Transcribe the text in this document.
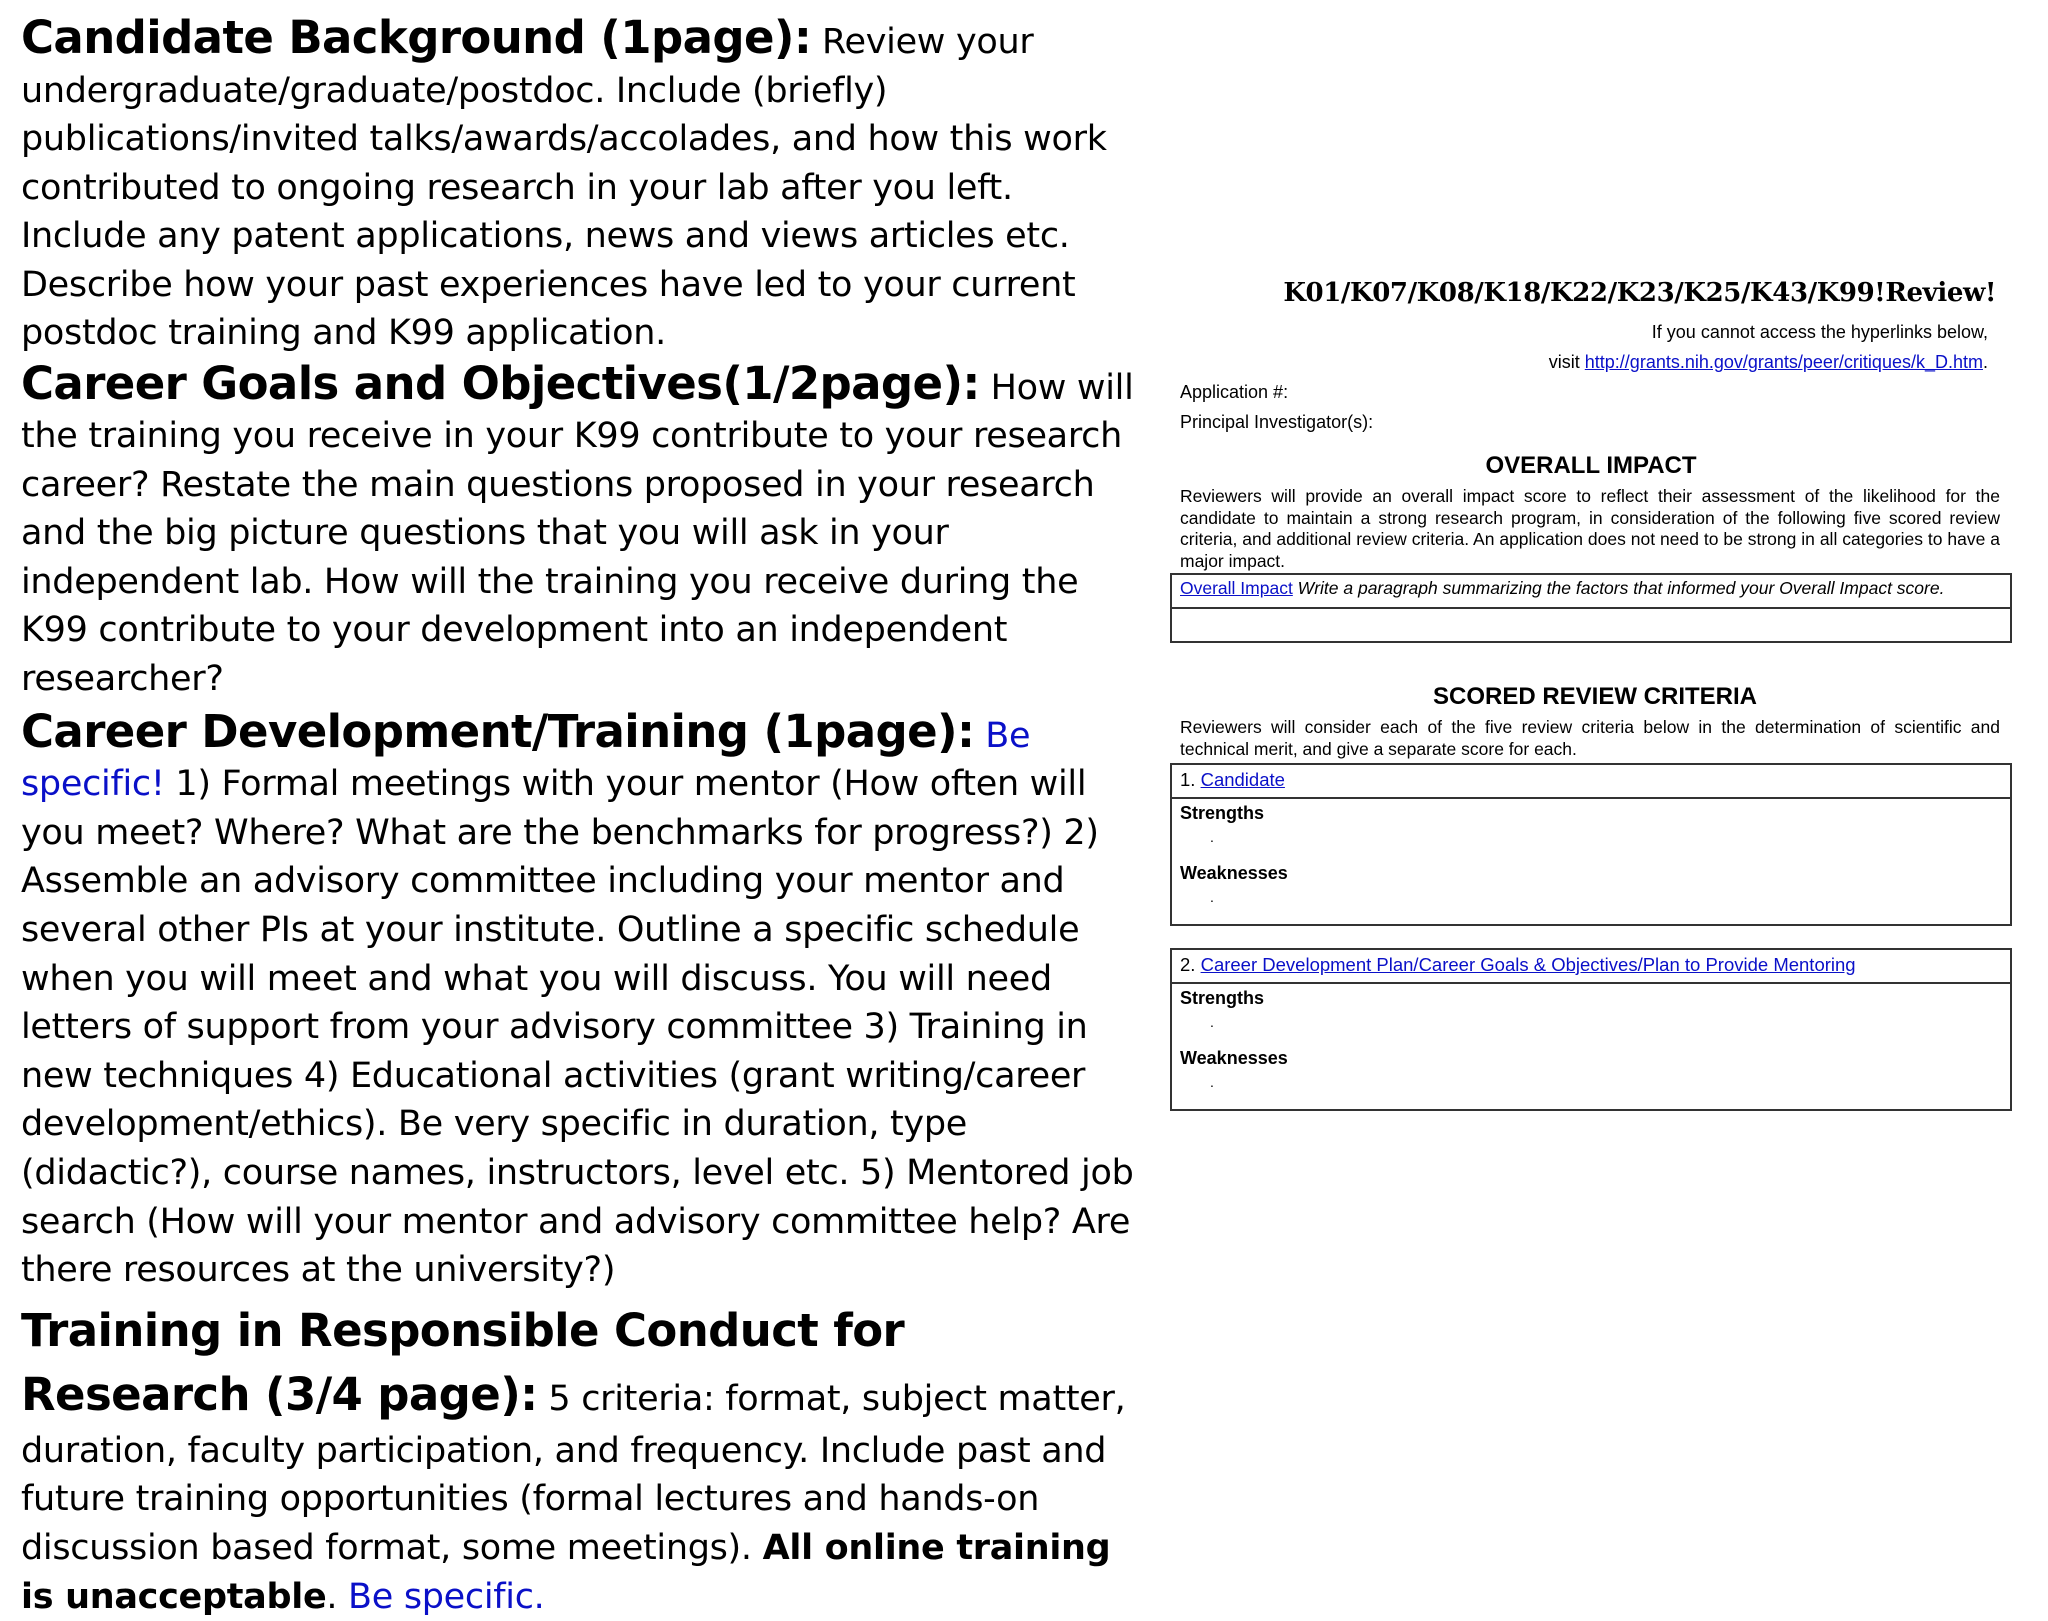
Candidate Background (1page): Review your undergraduate/graduate/postdoc. Include (briefly) publications/invited talks/awards/accolades, and how this work contributed to ongoing research in your lab after you left. Include any patent applications, news and views articles etc. Describe how your past experiences have led to your current postdoc training and K99 application.

Career Goals and Objectives(1/2page): How will the training you receive in your K99 contribute to your research career? Restate the main questions proposed in your research and the big picture questions that you will ask in your independent lab. How will the training you receive during the K99 contribute to your development into an independent researcher?

Career Development/Training (1page): Be specific! 1) Formal meetings with your mentor (How often will you meet? Where? What are the benchmarks for progress?) 2) Assemble an advisory committee including your mentor and several other PIs at your institute. Outline a specific schedule when you will meet and what you will discuss. You will need letters of support from your advisory committee 3) Training in new techniques 4) Educational activities (grant writing/career development/ethics). Be very specific in duration, type (didactic?), course names, instructors, level etc. 5) Mentored job search (How will your mentor and advisory committee help? Are there resources at the university?)

Training in Responsible Conduct for Research (3/4 page): 5 criteria: format, subject matter, duration, faculty participation, and frequency. Include past and future training opportunities (formal lectures and hands-on discussion based format, some meetings). All online training is unacceptable. Be specific.

K01/K07/K08/K18/K22/K23/K25/K43/K99!Review!
If you cannot access the hyperlinks below,
visit http://grants.nih.gov/grants/peer/critiques/k_D.htm.
Application #:
Principal Investigator(s):
OVERALL IMPACT
Reviewers will provide an overall impact score to reflect their assessment of the likelihood for the candidate to maintain a strong research program, in consideration of the following five scored review criteria, and additional review criteria. An application does not need to be strong in all categories to have a major impact.
Overall Impact Write a paragraph summarizing the factors that informed your Overall Impact score.
SCORED REVIEW CRITERIA
Reviewers will consider each of the five review criteria below in the determination of scientific and technical merit, and give a separate score for each.
1. Candidate
Strengths
.
Weaknesses
.
2. Career Development Plan/Career Goals & Objectives/Plan to Provide Mentoring
Strengths
.
Weaknesses
.
